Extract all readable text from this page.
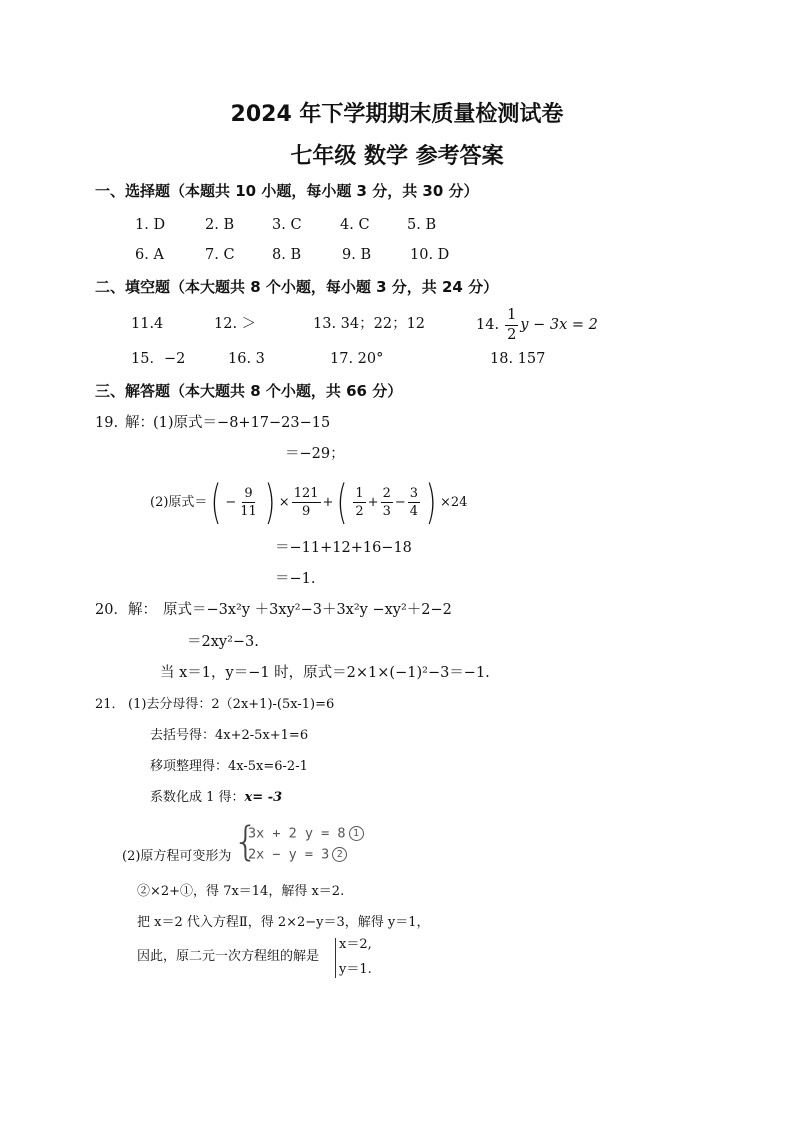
2024 年下学期期末质量检测试卷
七年级 数学 参考答案
一、选择题（本题共 10 小题，每小题 3 分，共 30 分）
1. D	2. B	3. C	4. C	5. B
6. A	7. C	8. B	9. B	10. D
二、填空题（本大题共 8 个小题，每小题 3 分，共 24 分）
11.4	12. ＞	13. 34；22；12	14. $\frac{1}{2}$ y − 3x = 2
15．−2	16. 3	17. 20°	18. 157
三、解答题（本大题共 8 个小题，共 66 分）
19. 解： (1)原式＝−8+17−23−15
＝−29；
(2)原式＝ ( − $\frac{9}{11}$ ) × $\frac{121}{9}$ + ( $\frac{1}{2} + \frac{2}{3} - \frac{3}{4}$ ) ×24
＝−11+12+16−18
＝−1.
20．解： 原式＝−3x²y ＋3xy²−3＋3x²y −xy²＋2−2
＝2xy²−3.
当 x＝1，y＝−1 时，原式＝2×1×(−1)²−3＝−1.
21． (1)去分母得：2（2x+1)-(5x-1)=6
去括号得：4x+2-5x+1=6
移项整理得：4x-5x=6-2-1
系数化成 1 得：x= -3
(2)原方程可变形为 {
3x + 2 y = 8 1
2x − y = 3 2
②×2+①，得 7x＝14，解得 x＝2.
把 x＝2 代入方程Ⅱ，得 2×2−y＝3，解得 y＝1，
因此，原二元一次方程组的解是
x＝2,
y＝1.
